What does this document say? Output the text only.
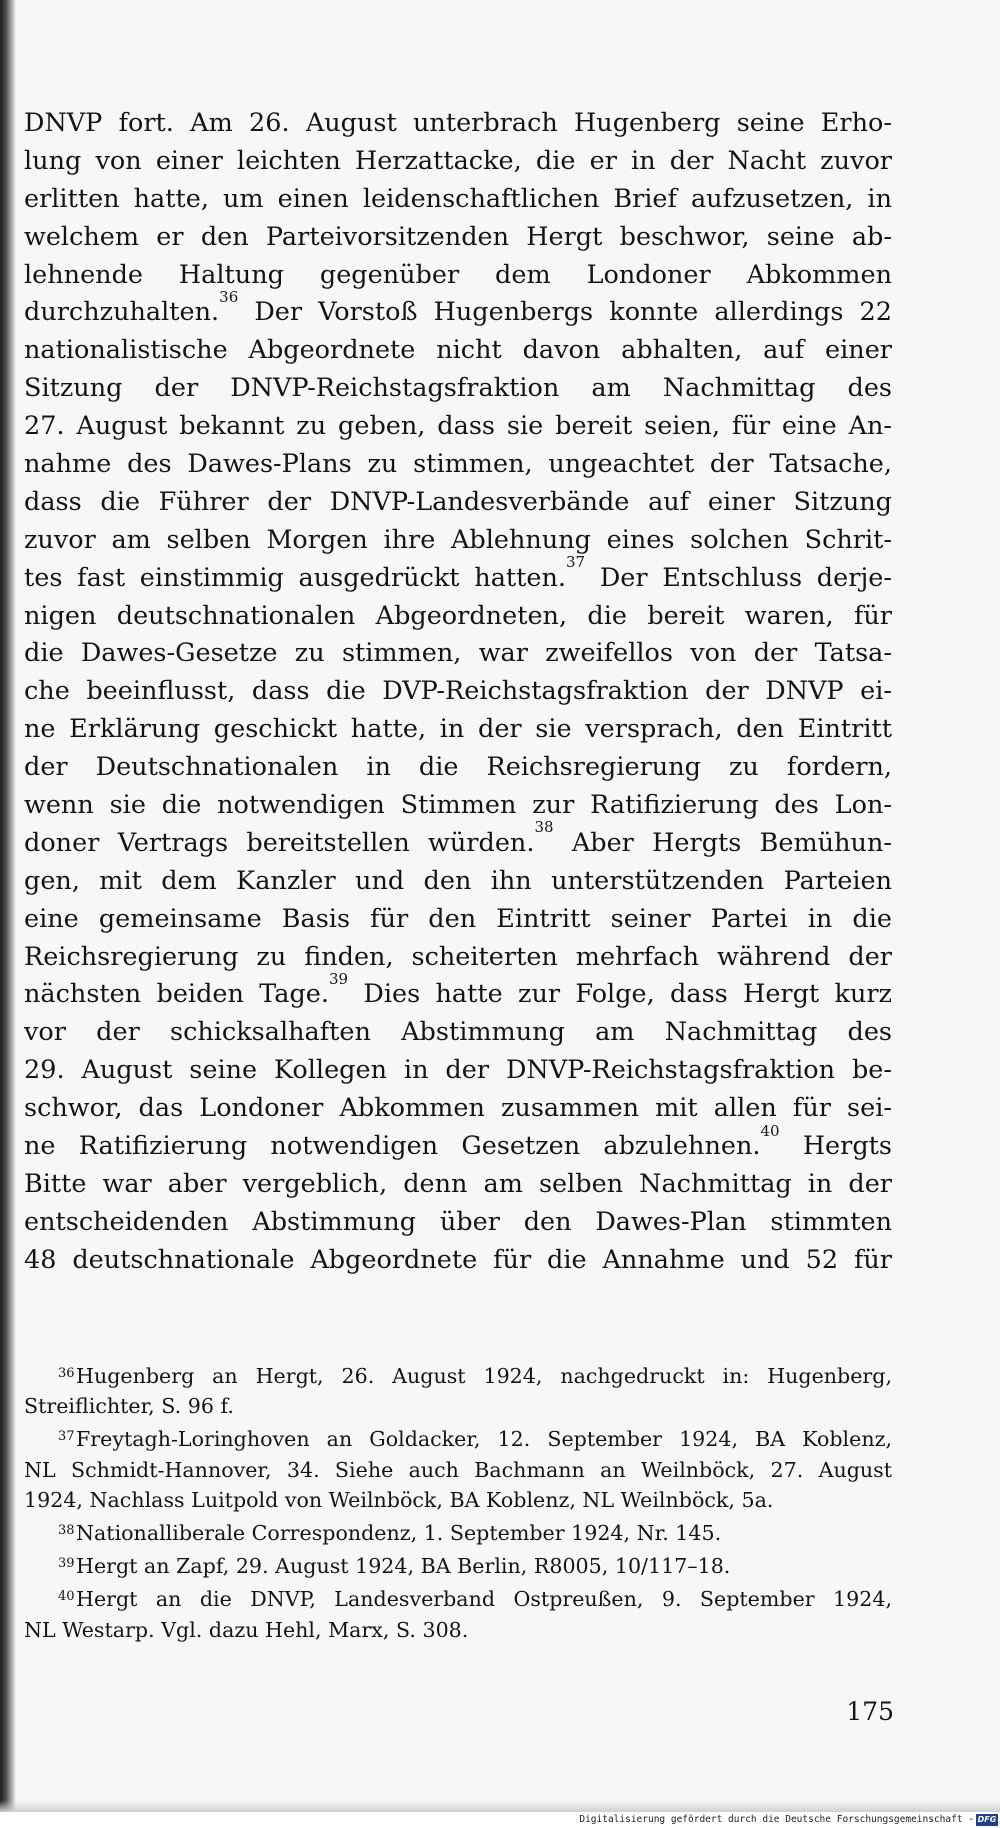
DNVP fort. Am 26. August unterbrach Hugenberg seine Erho-
lung von einer leichten Herzattacke, die er in der Nacht zuvor
erlitten hatte, um einen leidenschaftlichen Brief aufzusetzen, in
welchem er den Parteivorsitzenden Hergt beschwor, seine ab-
lehnende Haltung gegenüber dem Londoner Abkommen
durchzuhalten.$^{36}$ Der Vorstoß Hugenbergs konnte allerdings 22
nationalistische Abgeordnete nicht davon abhalten, auf einer
Sitzung der DNVP-Reichstagsfraktion am Nachmittag des
27. August bekannt zu geben, dass sie bereit seien, für eine An-
nahme des Dawes-Plans zu stimmen, ungeachtet der Tatsache,
dass die Führer der DNVP-Landesverbände auf einer Sitzung
zuvor am selben Morgen ihre Ablehnung eines solchen Schrit-
tes fast einstimmig ausgedrückt hatten.$^{37}$ Der Entschluss derje-
nigen deutschnationalen Abgeordneten, die bereit waren, für
die Dawes-Gesetze zu stimmen, war zweifellos von der Tatsa-
che beeinflusst, dass die DVP-Reichstagsfraktion der DNVP ei-
ne Erklärung geschickt hatte, in der sie versprach, den Eintritt
der Deutschnationalen in die Reichsregierung zu fordern,
wenn sie die notwendigen Stimmen zur Ratifizierung des Lon-
doner Vertrags bereitstellen würden.$^{38}$ Aber Hergts Bemühun-
gen, mit dem Kanzler und den ihn unterstützenden Parteien
eine gemeinsame Basis für den Eintritt seiner Partei in die
Reichsregierung zu finden, scheiterten mehrfach während der
nächsten beiden Tage.$^{39}$ Dies hatte zur Folge, dass Hergt kurz
vor der schicksalhaften Abstimmung am Nachmittag des
29. August seine Kollegen in der DNVP-Reichstagsfraktion be-
schwor, das Londoner Abkommen zusammen mit allen für sei-
ne Ratifizierung notwendigen Gesetzen abzulehnen.$^{40}$ Hergts
Bitte war aber vergeblich, denn am selben Nachmittag in der
entscheidenden Abstimmung über den Dawes-Plan stimmten
48 deutschnationale Abgeordnete für die Annahme und 52 für
36 Hugenberg an Hergt, 26. August 1924, nachgedruckt in: Hugenberg,
Streiflichter, S. 96 f.
37 Freytagh-Loringhoven an Goldacker, 12. September 1924, BA Koblenz,
NL Schmidt-Hannover, 34. Siehe auch Bachmann an Weilnböck, 27. August
1924, Nachlass Luitpold von Weilnböck, BA Koblenz, NL Weilnböck, 5a.
38 Nationalliberale Correspondenz, 1. September 1924, Nr. 145.
39 Hergt an Zapf, 29. August 1924, BA Berlin, R8005, 10/117–18.
40 Hergt an die DNVP, Landesverband Ostpreußen, 9. September 1924,
NL Westarp. Vgl. dazu Hehl, Marx, S. 308.
175
Digitalisierung gefördert durch die Deutsche Forschungsgemeinschaft - DFG
